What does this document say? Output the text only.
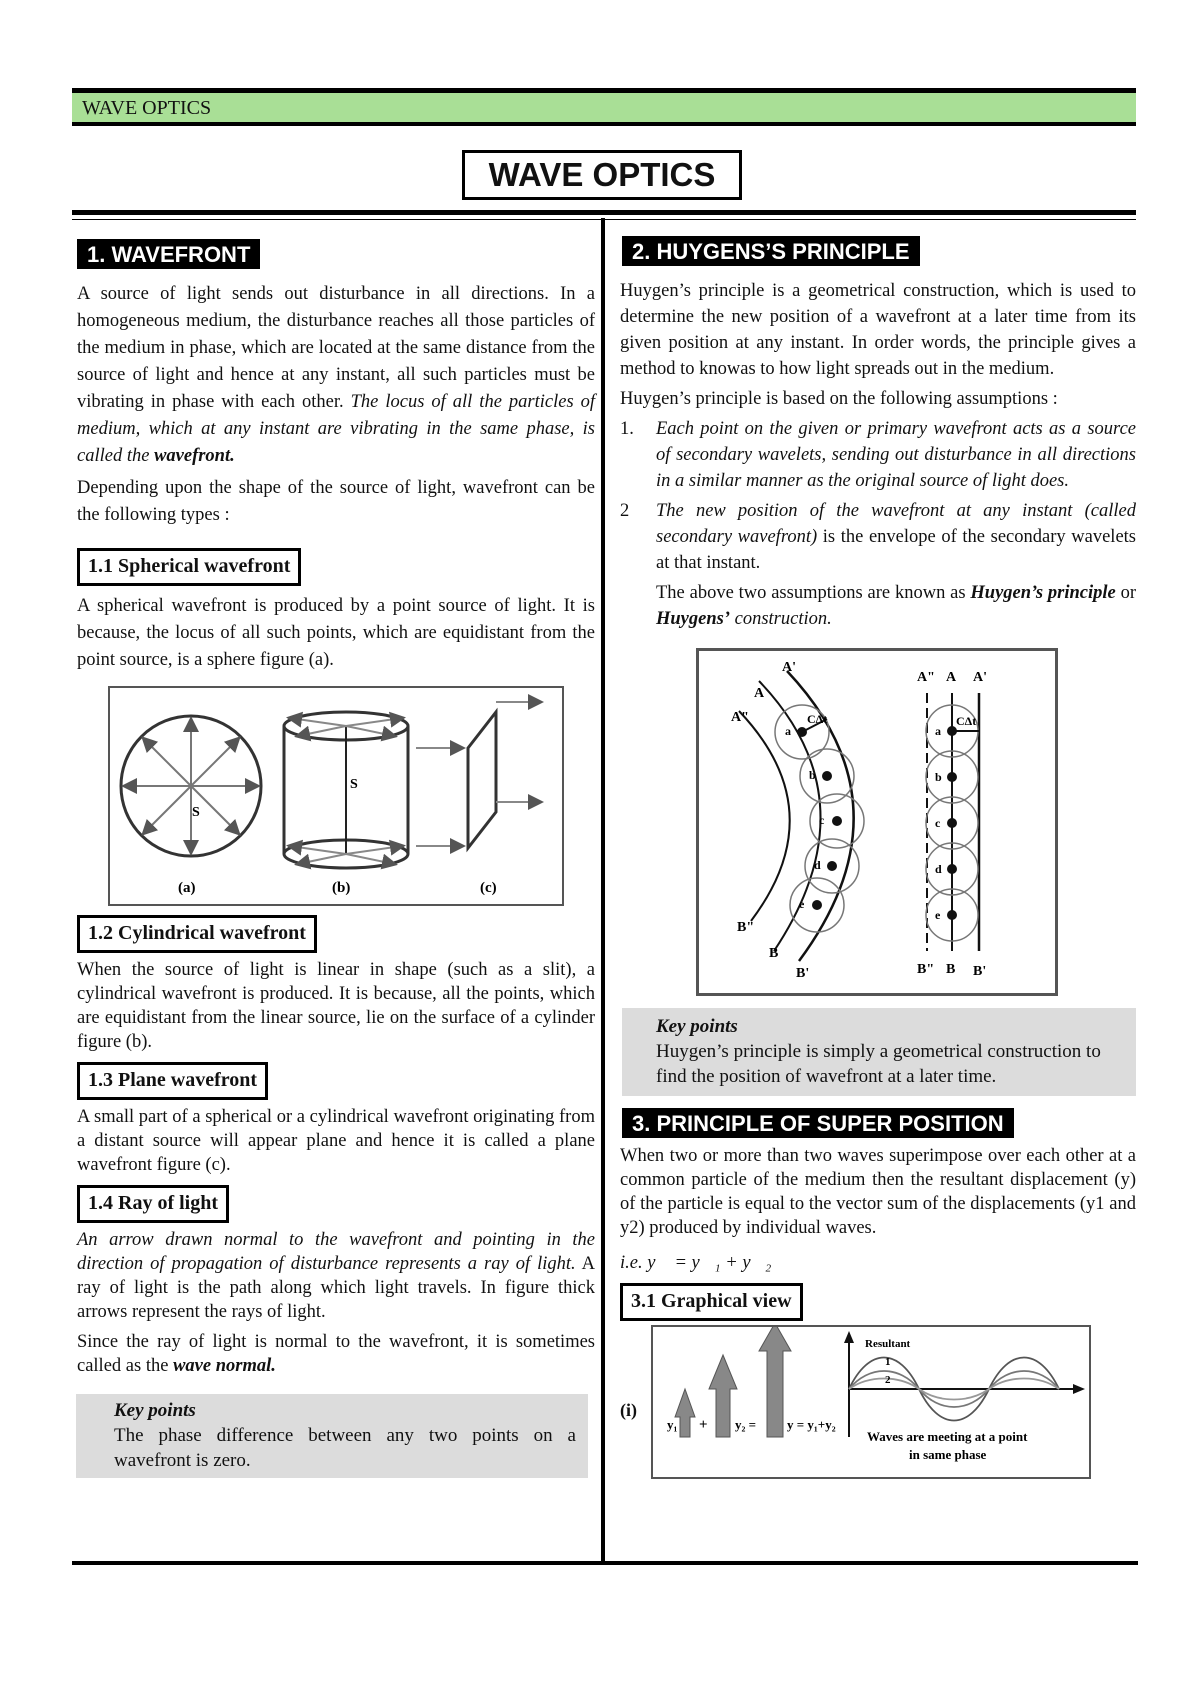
WAVE OPTICS
WAVE OPTICS
1. WAVEFRONT
A source of light sends out disturbance in all directions. In a homogeneous medium, the disturbance reaches all those particles of the medium in phase, which are located at the same distance from the source of light and hence at any instant, all such particles must be vibrating in phase with each other. The locus of all the particles of medium, which at any instant are vibrating in the same phase, is called the wavefront.
Depending upon the shape of the source of light, wavefront can be the following types :
1.1 Spherical wavefront
A spherical wavefront is produced by a point source of light. It is because, the locus of all such points, which are equidistant from the point source, is a sphere figure (a).
S
(a)
S
(b)	(c)
1.2 Cylindrical wavefront
When the source of light is linear in shape (such as a slit), a cylindrical wavefront is produced. It is because, all the points, which are equidistant from the linear source, lie on the surface of a cylinder figure (b).
1.3 Plane wavefront
A small part of a spherical or a cylindrical wavefront originating from a distant source will appear plane and hence it is called a plane wavefront figure (c).
1.4 Ray of light
An arrow drawn normal to the wavefront and pointing in the direction of propagation of disturbance represents a ray of light. A ray of light is the path along which light travels. In figure thick arrows represent the rays of light.
Since the ray of light is normal to the wavefront, it is sometimes called as the wave normal.
Key points
The phase difference between any two points on a wavefront is zero.
2. HUYGENS’S PRINCIPLE
Huygen’s principle is a geometrical construction, which is used to determine the new position of a wavefront at a later time from its given position at any instant. In order words, the principle gives a method to knowas to how light spreads out in the medium.
Huygen’s principle is based on the following assumptions :
1. Each point on the given or primary wavefront acts as a source of secondary wavelets, sending out disturbance in all directions in a similar manner as the original source of light does.
2 The new position of the wavefront at any instant (called secondary wavefront) is the envelope of the secondary wavelets at that instant.
The above two assumptions are known as Huygen’s principle or Huygens’ construction.
CΔt
A'
A
A"
a
b
c
d
e
B"
B
B'
CΔt
A" A A'
a
b
c
d
e
B" B B'
Key points
Huygen’s principle is simply a geometrical construction to find the position of wavefront at a later time.
3. PRINCIPLE OF SUPER POSITION
When two or more than two waves superimpose over each other at a common particle of the medium then the resultant displacement (y) of the particle is equal to the vector sum of the displacements (y1 and y2) produced by individual waves.
i.e. y⃗ = y⃗₁ + y⃗₂
3.1 Graphical view
(i)
y₁ + y₂ = y = y₁+y₂
Resultant
1
2
Waves are meeting at a point
in same phase
